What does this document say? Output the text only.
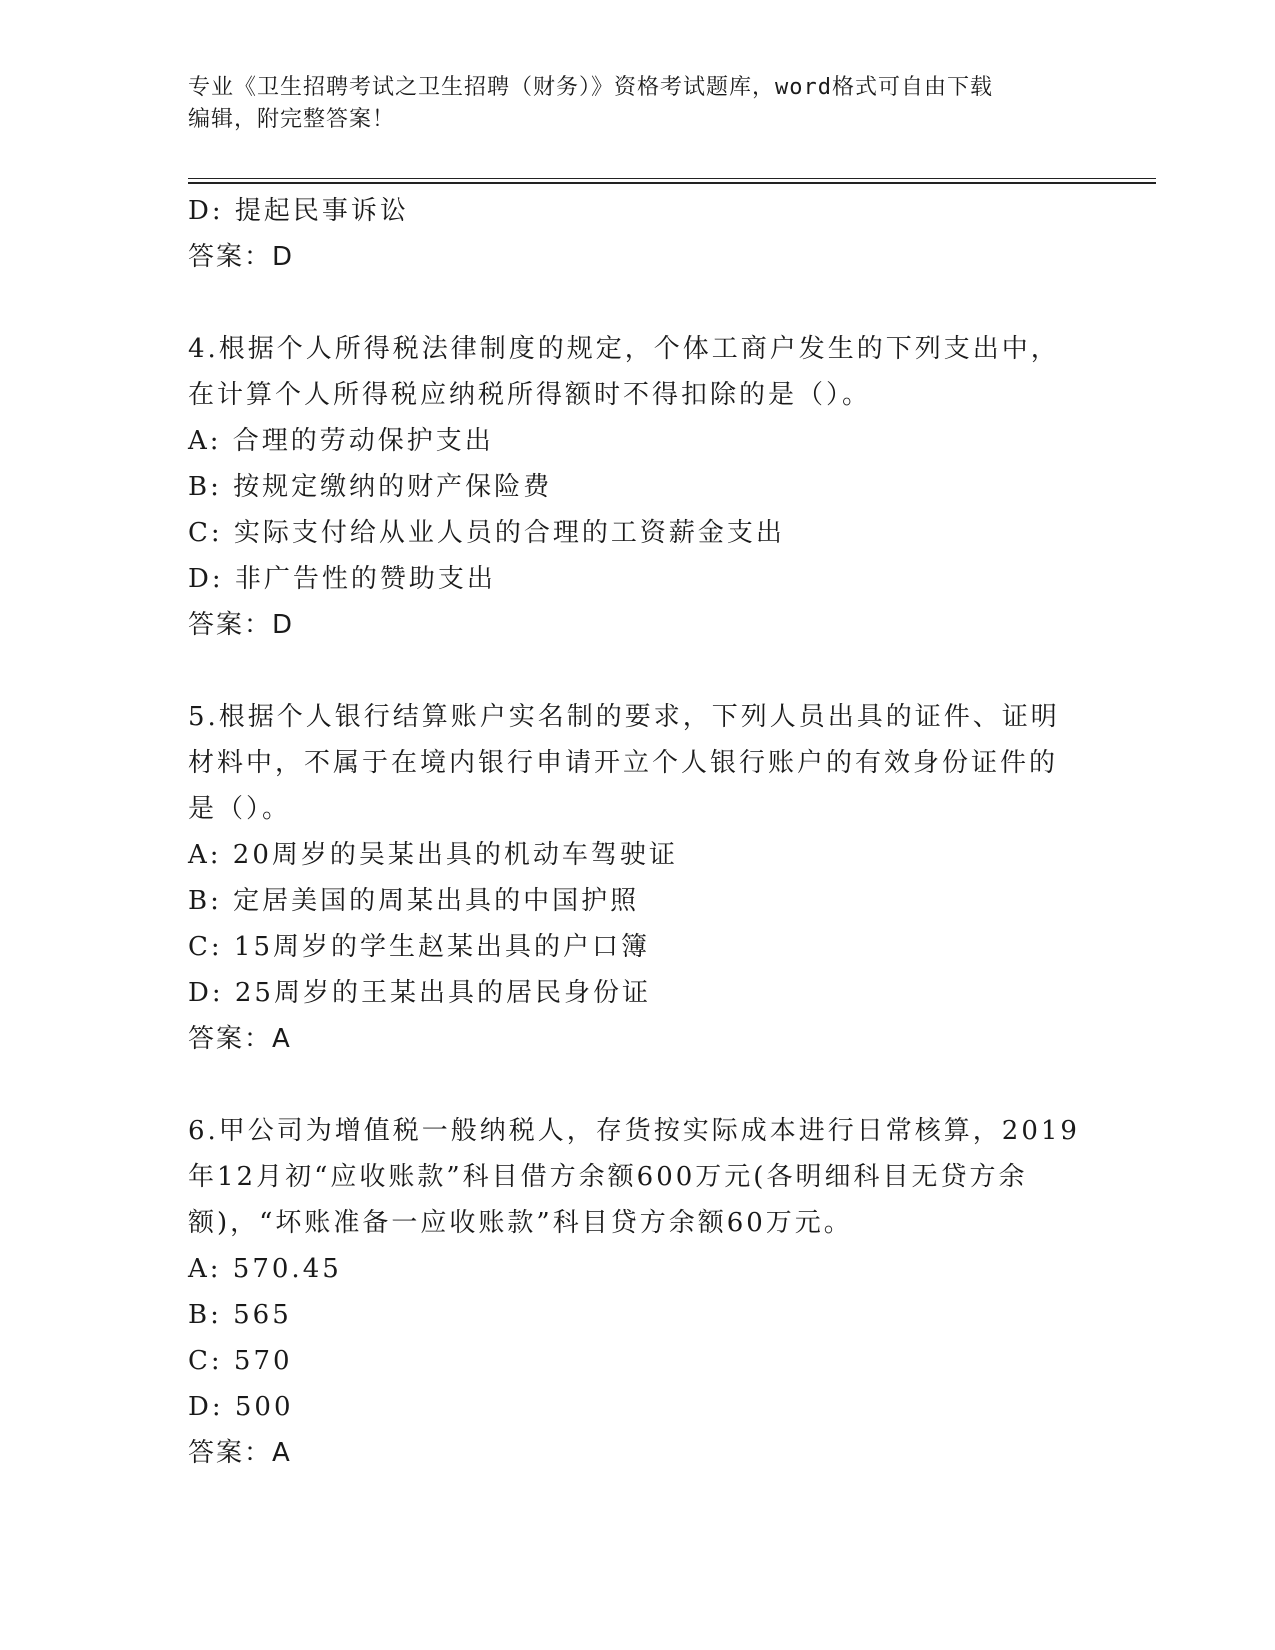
专业《卫生招聘考试之卫生招聘（财务）》资格考试题库，word格式可自由下载
编辑，附完整答案！
D: 提起民事诉讼
答案：D
4.根据个人所得税法律制度的规定，个体工商户发生的下列支出中，
在计算个人所得税应纳税所得额时不得扣除的是（）。
A: 合理的劳动保护支出
B: 按规定缴纳的财产保险费
C: 实际支付给从业人员的合理的工资薪金支出
D: 非广告性的赞助支出
答案：D
5.根据个人银行结算账户实名制的要求，下列人员出具的证件、证明
材料中，不属于在境内银行申请开立个人银行账户的有效身份证件的
是（）。
A: 20周岁的吴某出具的机动车驾驶证
B: 定居美国的周某出具的中国护照
C: 15周岁的学生赵某出具的户口簿
D: 25周岁的王某出具的居民身份证
答案：A
6.甲公司为增值税一般纳税人，存货按实际成本进行日常核算，2019
年12月初“应收账款”科目借方余额600万元(各明细科目无贷方余
额)，“坏账准备一应收账款”科目贷方余额60万元。
A: 570.45
B: 565
C: 570
D: 500
答案：A
